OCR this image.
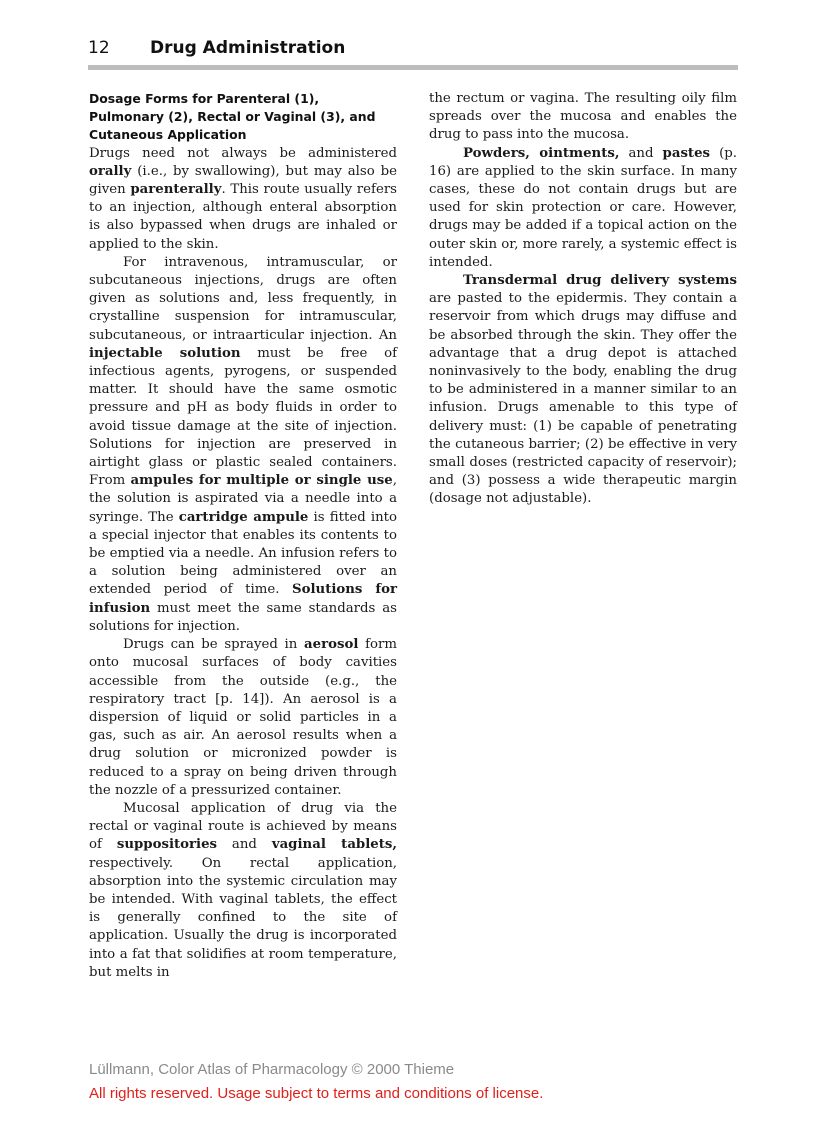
12 Drug Administration

Dosage Forms for Parenteral (1), Pulmonary (2), Rectal or Vaginal (3), and Cutaneous Application

Drugs need not always be administered orally (i.e., by swallowing), but may also be given parenterally. This route usually refers to an injection, although enteral absorption is also bypassed when drugs are inhaled or applied to the skin.

For intravenous, intramuscular, or subcutaneous injections, drugs are often given as solutions and, less frequently, in crystalline suspension for intramuscular, subcutaneous, or intraarticular injection. An injectable solution must be free of infectious agents, pyrogens, or suspended matter. It should have the same osmotic pressure and pH as body fluids in order to avoid tissue damage at the site of injection. Solutions for injection are preserved in airtight glass or plastic sealed containers. From ampules for multiple or single use, the solution is aspirated via a needle into a syringe. The cartridge ampule is fitted into a special injector that enables its contents to be emptied via a needle. An infusion refers to a solution being administered over an extended period of time. Solutions for infusion must meet the same standards as solutions for injection.

Drugs can be sprayed in aerosol form onto mucosal surfaces of body cavities accessible from the outside (e.g., the respiratory tract [p. 14]). An aerosol is a dispersion of liquid or solid particles in a gas, such as air. An aerosol results when a drug solution or micronized powder is reduced to a spray on being driven through the nozzle of a pressurized container.

Mucosal application of drug via the rectal or vaginal route is achieved by means of suppositories and vaginal tablets, respectively. On rectal application, absorption into the systemic circulation may be intended. With vaginal tablets, the effect is generally confined to the site of application. Usually the drug is incorporated into a fat that solidifies at room temperature, but melts in

the rectum or vagina. The resulting oily film spreads over the mucosa and enables the drug to pass into the mucosa.

Powders, ointments, and pastes (p. 16) are applied to the skin surface. In many cases, these do not contain drugs but are used for skin protection or care. However, drugs may be added if a topical action on the outer skin or, more rarely, a systemic effect is intended.

Transdermal drug delivery systems are pasted to the epidermis. They contain a reservoir from which drugs may diffuse and be absorbed through the skin. They offer the advantage that a drug depot is attached noninvasively to the body, enabling the drug to be administered in a manner similar to an infusion. Drugs amenable to this type of delivery must: (1) be capable of penetrating the cutaneous barrier; (2) be effective in very small doses (restricted capacity of reservoir); and (3) possess a wide therapeutic margin (dosage not adjustable).

Lüllmann, Color Atlas of Pharmacology © 2000 Thieme
All rights reserved. Usage subject to terms and conditions of license.
